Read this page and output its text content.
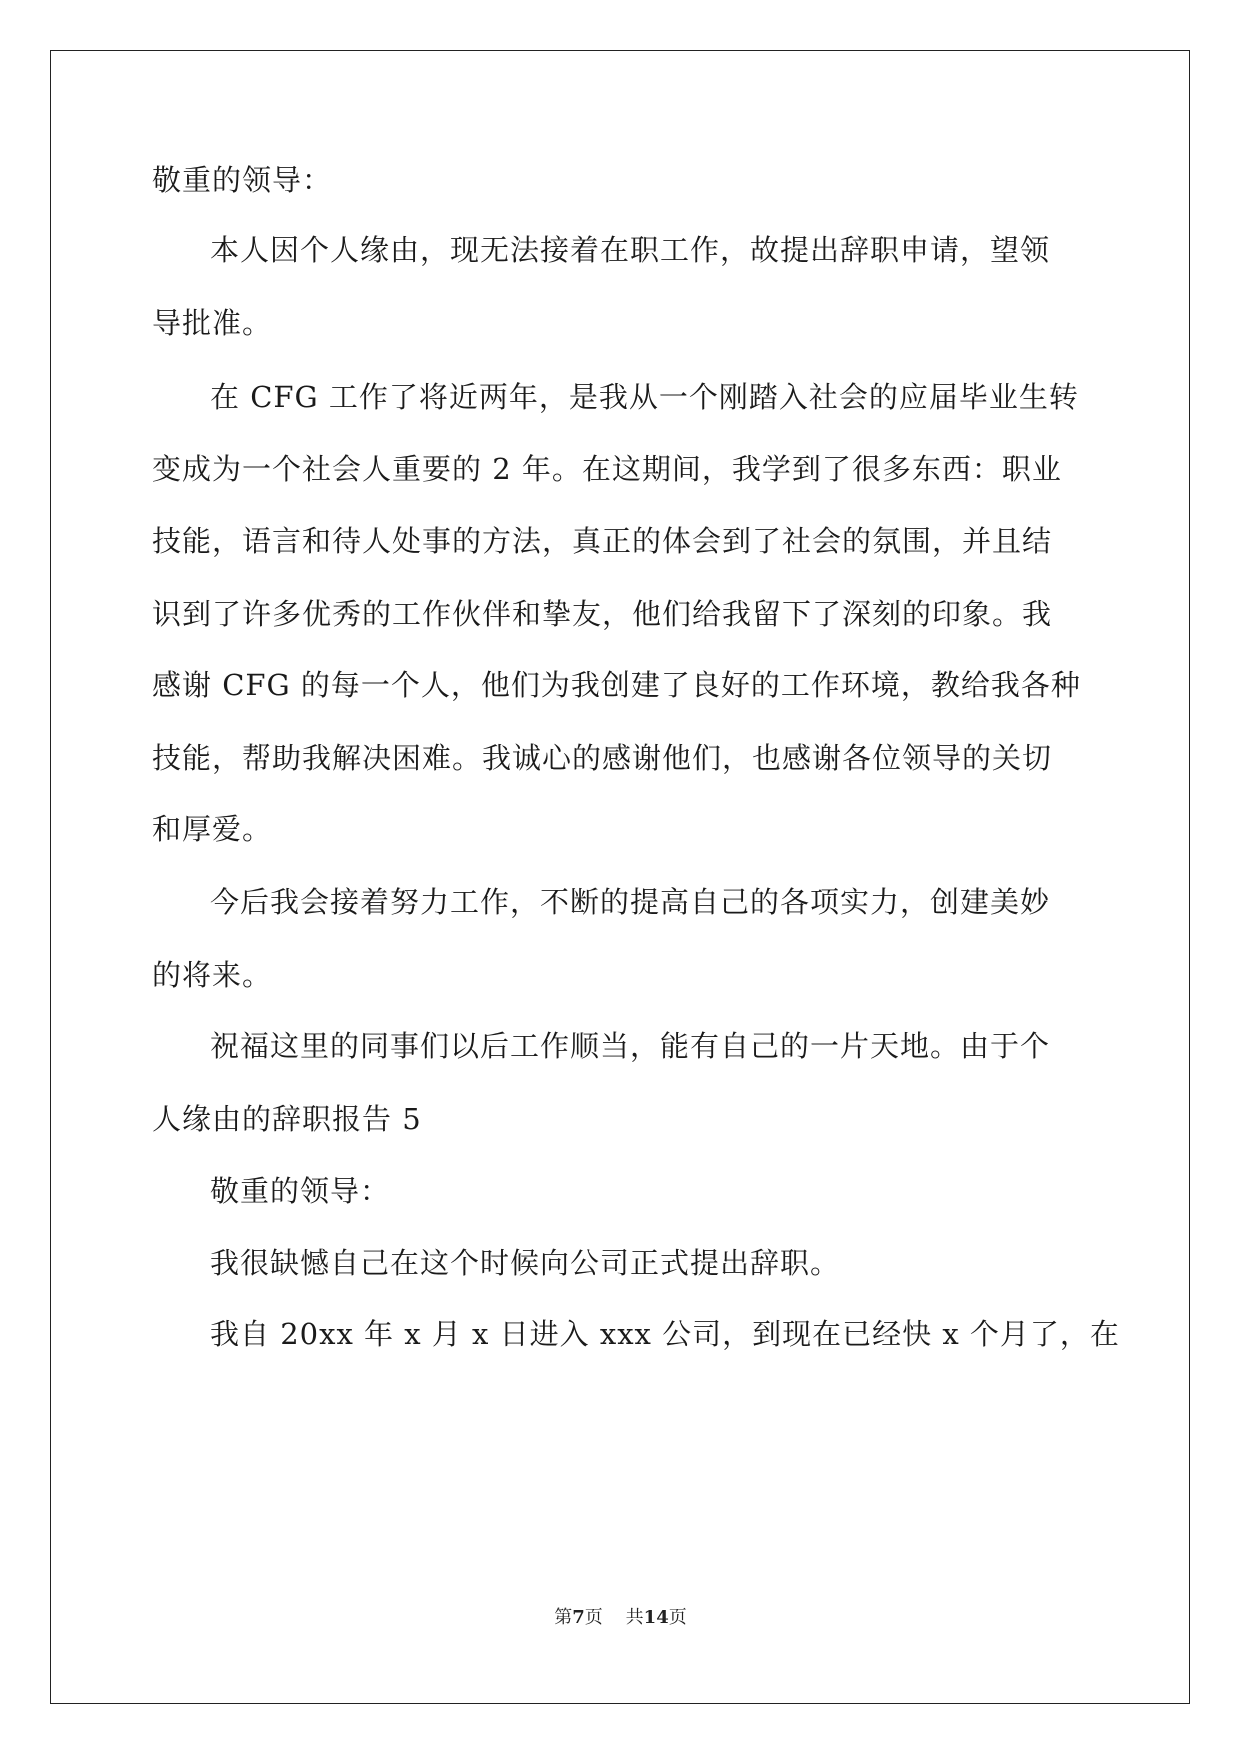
敬重的领导：
本人因个人缘由，现无法接着在职工作，故提出辞职申请，望领
导批准。
在 CFG 工作了将近两年，是我从一个刚踏入社会的应届毕业生转
变成为一个社会人重要的 2 年。在这期间，我学到了很多东西：职业
技能，语言和待人处事的方法，真正的体会到了社会的氛围，并且结
识到了许多优秀的工作伙伴和挚友，他们给我留下了深刻的印象。我
感谢 CFG 的每一个人，他们为我创建了良好的工作环境，教给我各种
技能，帮助我解决困难。我诚心的感谢他们，也感谢各位领导的关切
和厚爱。
今后我会接着努力工作，不断的提高自己的各项实力，创建美妙
的将来。
祝福这里的同事们以后工作顺当，能有自己的一片天地。由于个
人缘由的辞职报告 5
敬重的领导：
我很缺憾自己在这个时候向公司正式提出辞职。
我自 20xx 年 x 月 x 日进入 xxx 公司，到现在已经快 x 个月了，在
第7页 共14页
